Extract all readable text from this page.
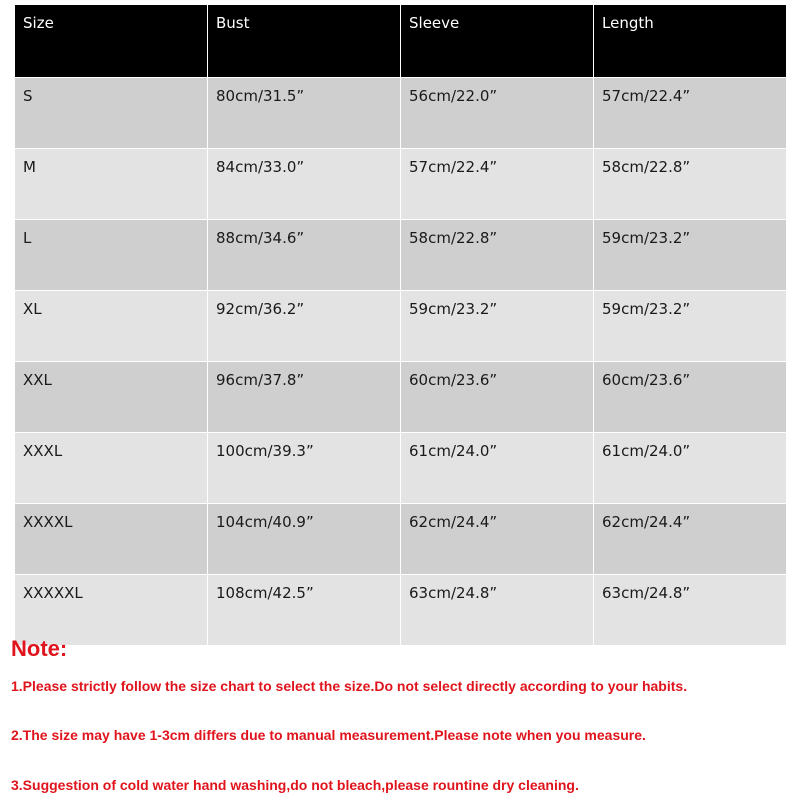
Size	Bust	Sleeve	Length
S	80cm/31.5”	56cm/22.0”	57cm/22.4”
M	84cm/33.0”	57cm/22.4”	58cm/22.8”
L	88cm/34.6”	58cm/22.8”	59cm/23.2”
XL	92cm/36.2”	59cm/23.2”	59cm/23.2”
XXL	96cm/37.8”	60cm/23.6”	60cm/23.6”
XXXL	100cm/39.3”	61cm/24.0”	61cm/24.0”
XXXXL	104cm/40.9”	62cm/24.4”	62cm/24.4”
XXXXXL	108cm/42.5”	63cm/24.8”	63cm/24.8”
Note:
1.Please strictly follow the size chart to select the size.Do not select directly according to your habits.
2.The size may have 1-3cm differs due to manual measurement.Please note when you measure.
3.Suggestion of cold water hand washing,do not bleach,please rountine dry cleaning.
